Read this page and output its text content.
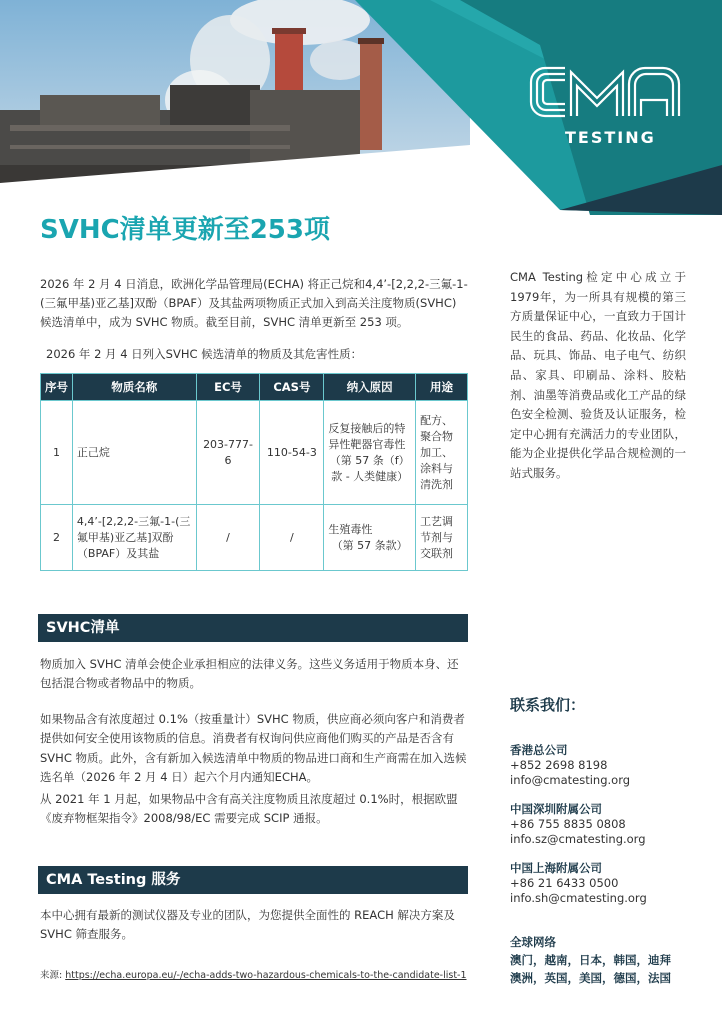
TESTING
SVHC清单更新至253项
2026 年 2 月 4 日消息，欧洲化学品管理局(ECHA) 将正己烷和4,4’-[2,2,2-三氟-1-(三氟甲基)亚乙基]双酚（BPAF）及其盐两项物质正式加入到高关注度物质(SVHC) 候选清单中，成为 SVHC 物质。截至目前，SVHC 清单更新至 253 项。
2026 年 2 月 4 日列入SVHC 候选清单的物质及其危害性质：
序号	物质名称	EC号	CAS号	纳入原因	用途
1	正己烷	203-777-6	110-54-3	反复接触后的特异性靶器官毒性
（第 57 条（f）款 - 人类健康）	配方、聚合物加工、涂料与清洗剂
2	4,4’-[2,2,2-三氟-1-(三氟甲基)亚乙基]双酚（BPAF）及其盐	/	/	生殖毒性
（第 57 条款）	工艺调节剂与交联剂
CMA Testing检定中心成立于1979年，为一所具有规模的第三方质量保证中心，一直致力于国计民生的食品、药品、化妆品、化学品、玩具、饰品、电子电气、纺织品、家具、印刷品、涂料、胶粘剂、油墨等消费品或化工产品的绿色安全检测、验货及认证服务，检定中心拥有充满活力的专业团队，能为企业提供化学品合规检测的一站式服务。
SVHC清单
物质加入 SVHC 清单会使企业承担相应的法律义务。这些义务适用于物质本身、还包括混合物或者物品中的物质。
如果物品含有浓度超过 0.1%（按重量计）SVHC 物质，供应商必须向客户和消费者提供如何安全使用该物质的信息。消费者有权询问供应商他们购买的产品是否含有SVHC 物质。此外，含有新加入候选清单中物质的物品进口商和生产商需在加入选候选名单（2026 年 2 月 4 日）起六个月内通知ECHA。
从 2021 年 1 月起，如果物品中含有高关注度物质且浓度超过 0.1%时，根据欧盟《废弃物框架指令》2008/98/EC 需要完成 SCIP 通报。
CMA Testing 服务
本中心拥有最新的测试仪器及专业的团队，为您提供全面性的 REACH 解决方案及 SVHC 筛查服务。
来源: https://echa.europa.eu/-/echa-adds-two-hazardous-chemicals-to-the-candidate-list-1
联系我们：
香港总公司
+852 2698 8198
info@cmatesting.org
中国深圳附属公司
+86 755 8835 0808
info.sz@cmatesting.org
中国上海附属公司
+86 21 6433 0500
info.sh@cmatesting.org
全球网络
澳门，越南，日本，韩国，迪拜
澳洲，英国，美国，德国，法国
